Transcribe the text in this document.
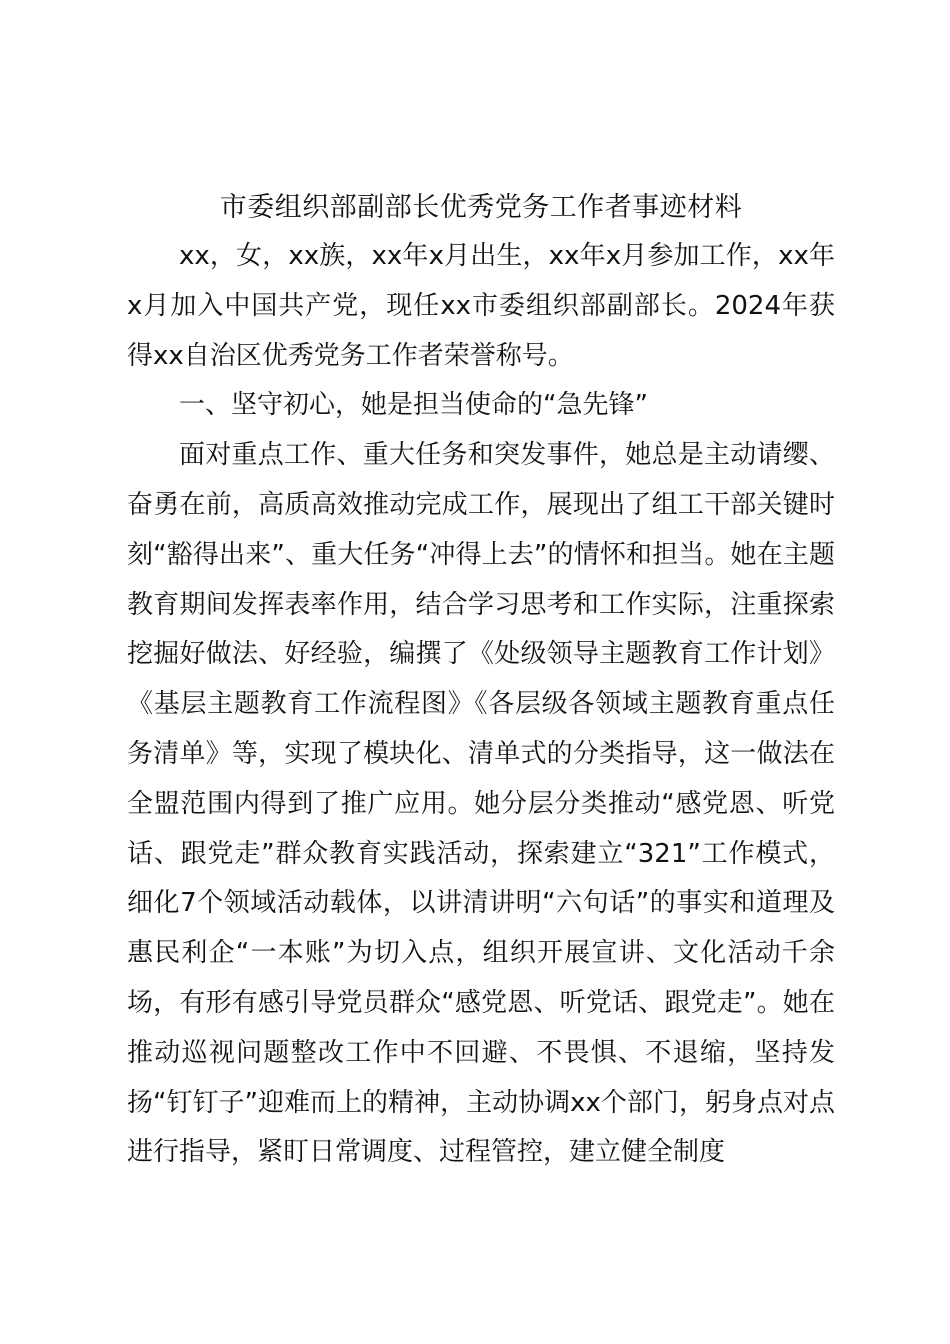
市委组织部副部长优秀党务工作者事迹材料

xx，女，xx族，xx年x月出生，xx年x月参加工作，xx年x月加入中国共产党，现任xx市委组织部副部长。2024年获得xx自治区优秀党务工作者荣誉称号。

一、坚守初心，她是担当使命的“急先锋”

面对重点工作、重大任务和突发事件，她总是主动请缨、奋勇在前，高质高效推动完成工作，展现出了组工干部关键时刻“豁得出来”、重大任务“冲得上去”的情怀和担当。她在主题教育期间发挥表率作用，结合学习思考和工作实际，注重探索挖掘好做法、好经验，编撰了《处级领导主题教育工作计划》《基层主题教育工作流程图》《各层级各领域主题教育重点任务清单》等，实现了模块化、清单式的分类指导，这一做法在全盟范围内得到了推广应用。她分层分类推动“感党恩、听党话、跟党走”群众教育实践活动，探索建立“321”工作模式，细化7个领域活动载体，以讲清讲明“六句话”的事实和道理及惠民利企“一本账”为切入点，组织开展宣讲、文化活动千余场，有形有感引导党员群众“感党恩、听党话、跟党走”。她在推动巡视问题整改工作中不回避、不畏惧、不退缩，坚持发扬“钉钉子”迎难而上的精神，主动协调xx个部门，躬身点对点进行指导，紧盯日常调度、过程管控，建立健全制度
